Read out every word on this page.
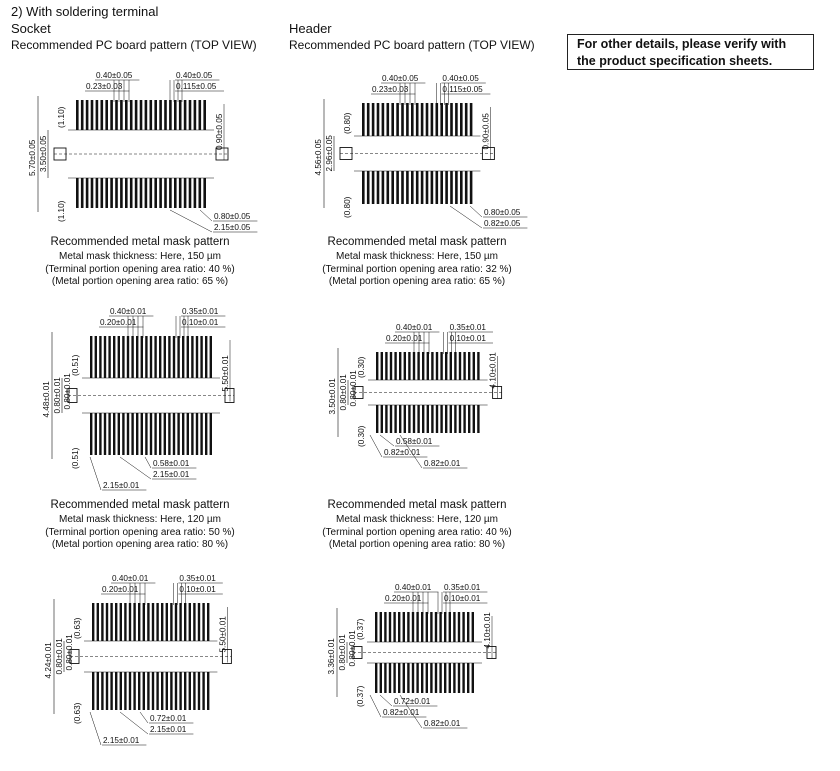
2) With soldering terminal
Socket
Recommended PC board pattern (TOP VIEW)
Header
Recommended PC board pattern (TOP VIEW)	For other details, please verify with
the product specification sheets.
Recommended metal mask pattern
Metal mask thickness: Here, 150 µm
(Terminal portion opening area ratio: 40 %)
(Metal portion opening area ratio: 65 %)
Recommended metal mask pattern
Metal mask thickness: Here, 150 µm
(Terminal portion opening area ratio: 32 %)
(Metal portion opening area ratio: 65 %)
Recommended metal mask pattern
Metal mask thickness: Here, 120 µm
(Terminal portion opening area ratio: 50 %)
(Metal portion opening area ratio: 80 %)
Recommended metal mask pattern
Metal mask thickness: Here, 120 µm
(Terminal portion opening area ratio: 40 %)
(Metal portion opening area ratio: 80 %)
0.40±0.05
0.23±0.03
0.40±0.05
0.115±0.05
5.70±0.05 3.50±0.05
(1.10)
(1.10)
0.90±0.05
0.80±0.05
2.15±0.05
0.40±0.05
0.23±0.03
0.40±0.05
0.115±0.05
4.56±0.05 2.96±0.05
(0.80)
(0.80)
0.90±0.05
0.80±0.05
0.82±0.05
0.40±0.01
0.20±0.01
0.35±0.01
0.10±0.01
4.48±0.01 0.80±0.01 0.80±0.01
(0.51)
(0.51)
5.50±0.01
0.58±0.01
2.15±0.01
2.15±0.01
0.40±0.01
0.20±0.01
0.35±0.01
0.10±0.01
3.50±0.01 0.80±0.01 0.80±0.01
(0.30)
(0.30)
4.10±0.01
0.58±0.01
0.82±0.01
0.82±0.01
0.40±0.01
0.20±0.01
0.35±0.01
0.10±0.01
4.24±0.01 0.80±0.01 0.80±0.01
(0.63)
(0.63)
5.50±0.01
0.72±0.01
2.15±0.01
2.15±0.01
0.40±0.01
0.20±0.01
0.35±0.01
0.10±0.01
3.36±0.01 0.80±0.01 0.80±0.01
(0.37)
(0.37)
4.10±0.01
0.72±0.01
0.82±0.01
0.82±0.01
